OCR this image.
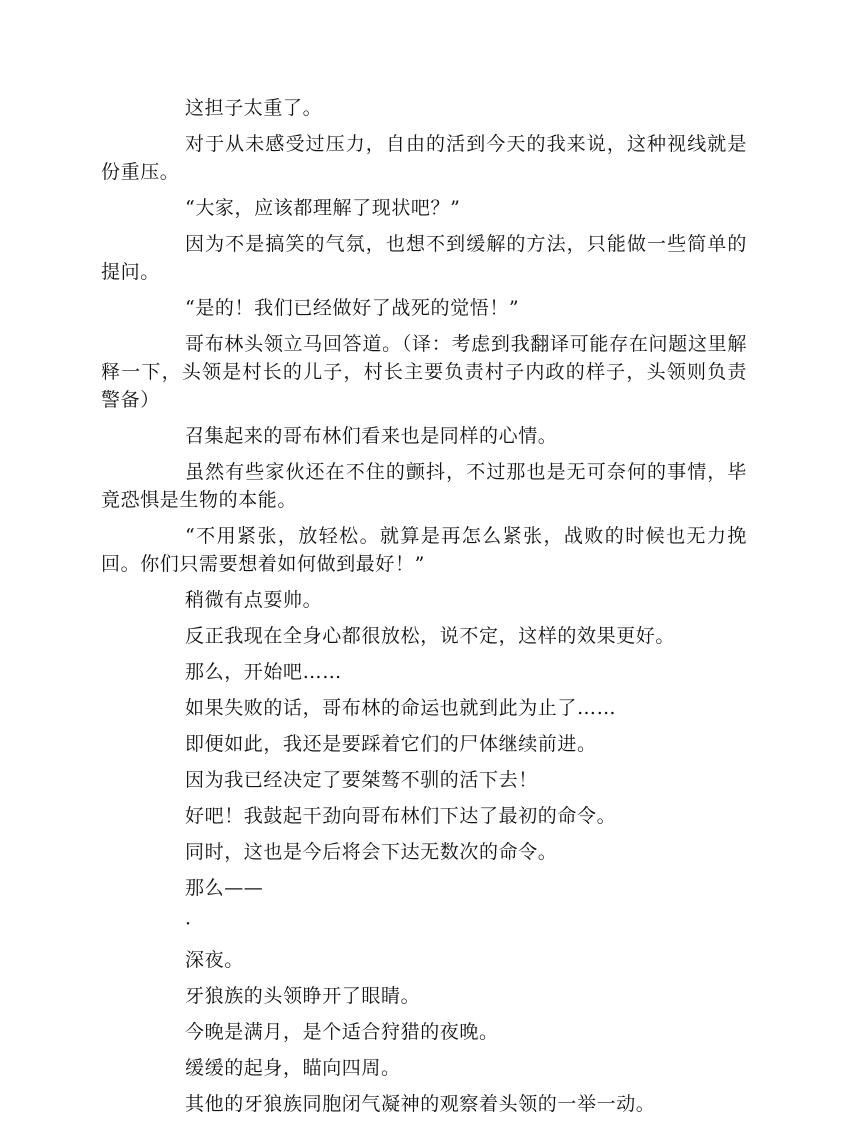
这担子太重了。

对于从未感受过压力，自由的活到今天的我来说，这种视线就是份重压。

“大家，应该都理解了现状吧？”

因为不是搞笑的气氛，也想不到缓解的方法，只能做一些简单的提问。

“是的！我们已经做好了战死的觉悟！”

哥布林头领立马回答道。（译：考虑到我翻译可能存在问题这里解释一下，头领是村长的儿子，村长主要负责村子内政的样子，头领则负责警备）

召集起来的哥布林们看来也是同样的心情。

虽然有些家伙还在不住的颤抖，不过那也是无可奈何的事情，毕竟恐惧是生物的本能。

“不用紧张，放轻松。就算是再怎么紧张，战败的时候也无力挽回。你们只需要想着如何做到最好！”

稍微有点耍帅。

反正我现在全身心都很放松，说不定，这样的效果更好。

那么，开始吧……

如果失败的话，哥布林的命运也就到此为止了……

即便如此，我还是要踩着它们的尸体继续前进。

因为我已经决定了要桀骜不驯的活下去！

好吧！我鼓起干劲向哥布林们下达了最初的命令。

同时，这也是今后将会下达无数次的命令。

那么——

·

深夜。

牙狼族的头领睁开了眼睛。

今晚是满月，是个适合狩猎的夜晚。

缓缓的起身，瞄向四周。

其他的牙狼族同胞闭气凝神的观察着头领的一举一动。
